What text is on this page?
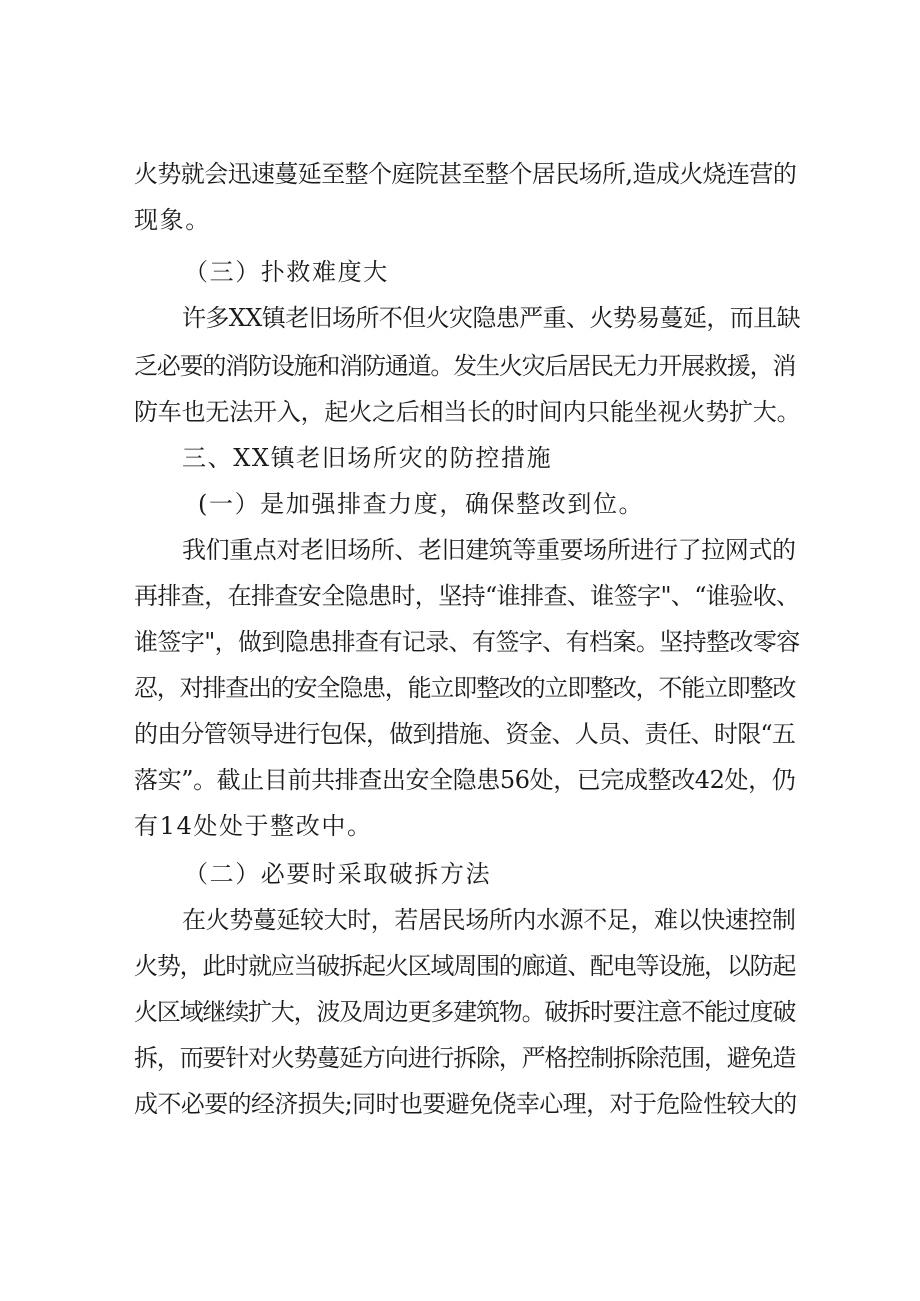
火势就会迅速蔓延至整个庭院甚至整个居民场所,造成火烧连营的
现象。
（三）扑救难度大
许多XX镇老旧场所不但火灾隐患严重、火势易蔓延，而且缺
乏必要的消防设施和消防通道。发生火灾后居民无力开展救援，消
防车也无法开入，起火之后相当长的时间内只能坐视火势扩大。
三、XX镇老旧场所灾的防控措施
(一）是加强排查力度，确保整改到位。
我们重点对老旧场所、老旧建筑等重要场所进行了拉网式的
再排查，在排查安全隐患时，坚持“谁排查、谁签字"、“谁验收、
谁签字"，做到隐患排查有记录、有签字、有档案。坚持整改零容
忍，对排查出的安全隐患，能立即整改的立即整改，不能立即整改
的由分管领导进行包保，做到措施、资金、人员、责任、时限“五
落实”。截止目前共排查出安全隐患56处，已完成整改42处，仍
有14处处于整改中。
（二）必要时采取破拆方法
在火势蔓延较大时，若居民场所内水源不足，难以快速控制
火势，此时就应当破拆起火区域周围的廊道、配电等设施，以防起
火区域继续扩大，波及周边更多建筑物。破拆时要注意不能过度破
拆，而要针对火势蔓延方向进行拆除，严格控制拆除范围，避免造
成不必要的经济损失;同时也要避免侥幸心理，对于危险性较大的
